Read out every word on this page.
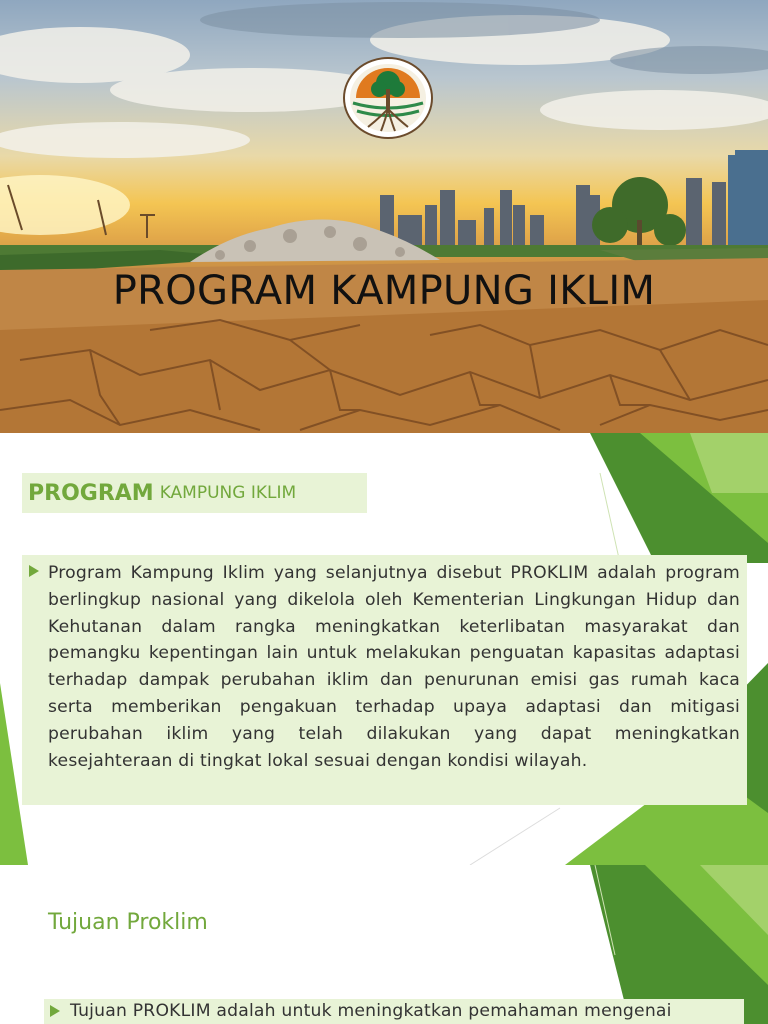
PROGRAM KAMPUNG IKLIM
PROGRAM KAMPUNG IKLIM

Program Kampung Iklim yang selanjutnya disebut PROKLIM adalah program berlingkup nasional yang dikelola oleh Kementerian Lingkungan Hidup dan Kehutanan dalam rangka meningkatkan keterlibatan masyarakat dan pemangku kepentingan lain untuk melakukan penguatan kapasitas adaptasi terhadap dampak perubahan iklim dan penurunan emisi gas rumah kaca serta memberikan pengakuan terhadap upaya adaptasi dan mitigasi perubahan iklim yang telah dilakukan yang dapat meningkatkan kesejahteraan di tingkat lokal sesuai dengan kondisi wilayah.

Tujuan Proklim

Tujuan PROKLIM adalah untuk meningkatkan pemahaman mengenai
